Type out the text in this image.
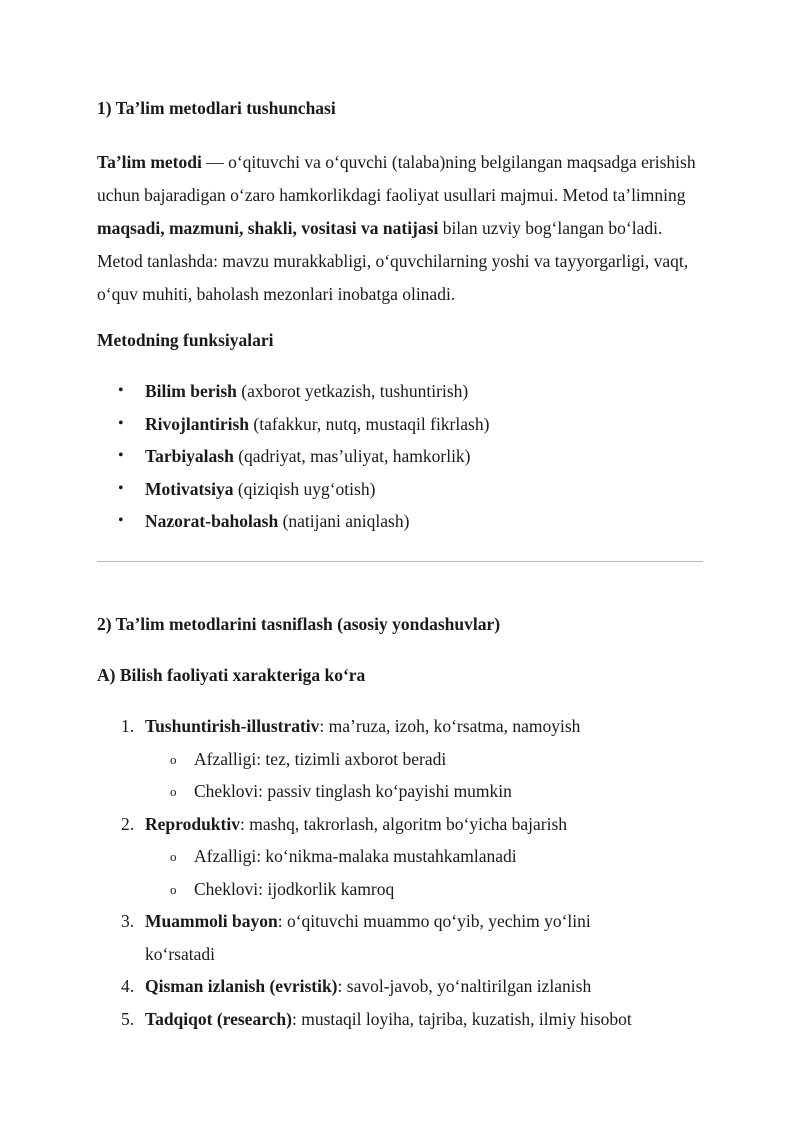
1) Ta’lim metodlari tushunchasi

Ta’lim metodi — o‘qituvchi va o‘quvchi (talaba)ning belgilangan maqsadga erishish uchun bajaradigan o‘zaro hamkorlikdagi faoliyat usullari majmui. Metod ta’limning maqsadi, mazmuni, shakli, vositasi va natijasi bilan uzviy bog‘langan bo‘ladi. Metod tanlashda: mavzu murakkabligi, o‘quvchilarning yoshi va tayyorgarligi, vaqt, o‘quv muhiti, baholash mezonlari inobatga olinadi.

Metodning funksiyalari

• Bilim berish (axborot yetkazish, tushuntirish)
• Rivojlantirish (tafakkur, nutq, mustaqil fikrlash)
• Tarbiyalash (qadriyat, mas’uliyat, hamkorlik)
• Motivatsiya (qiziqish uyg‘otish)
• Nazorat-baholash (natijani aniqlash)

2) Ta’lim metodlarini tasniflash (asosiy yondashuvlar)

A) Bilish faoliyati xarakteriga ko‘ra

1. Tushuntirish-illustrativ: ma’ruza, izoh, ko‘rsatma, namoyish
o Afzalligi: tez, tizimli axborot beradi
o Cheklovi: passiv tinglash ko‘payishi mumkin
2. Reproduktiv: mashq, takrorlash, algoritm bo‘yicha bajarish
o Afzalligi: ko‘nikma-malaka mustahkamlanadi
o Cheklovi: ijodkorlik kamroq
3. Muammoli bayon: o‘qituvchi muammo qo‘yib, yechim yo‘lini ko‘rsatadi
4. Qisman izlanish (evristik): savol-javob, yo‘naltirilgan izlanish
5. Tadqiqot (research): mustaqil loyiha, tajriba, kuzatish, ilmiy hisobot
